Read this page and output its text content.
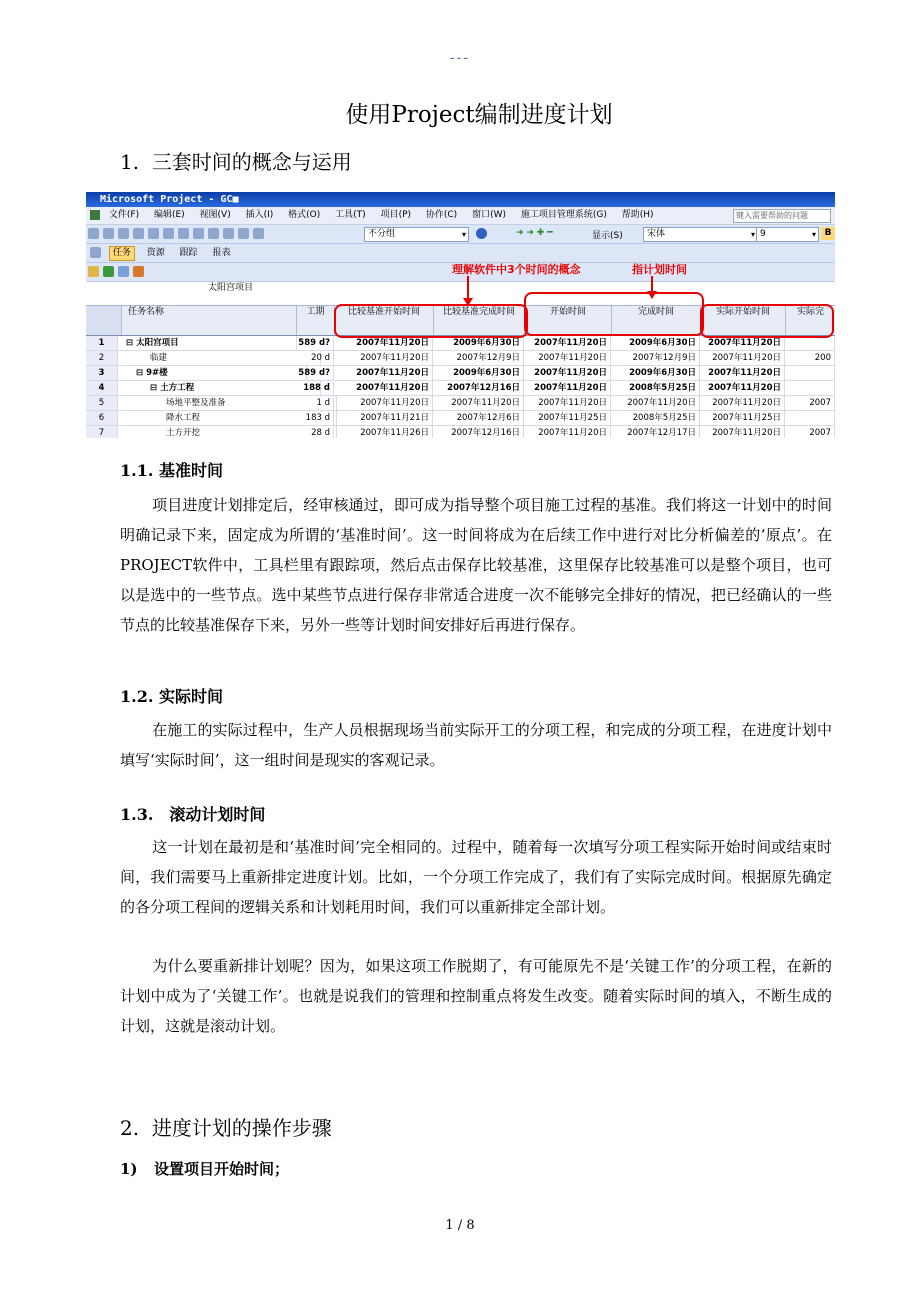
---
使用Project编制进度计划
1. 三套时间的概念与运用
Microsoft Project - GC■
文件(F) 编辑(E) 视图(V) 插入(I) 格式(O) 工具(T) 项目(P) 协作(C) 窗口(W) 施工项目管理系统(G) 帮助(H)	键入需要帮助的问题
不分组 ▾	➜ ➜ ✚ ━	显示(S)	宋体 ▾	9 ▾	B
任务 资源 跟踪 报表
太阳宫项目
理解软件中3个时间的概念	指计划时间
任务名称	工期	比较基准开始时间	比较基准完成时间	开始时间	完成时间	实际开始时间	实际完
1	⊟ 太阳宫项目	589 d?	2007年11月20日	2009年6月30日	2007年11月20日	2009年6月30日	2007年11月20日
2	临建	20 d	2007年11月20日	2007年12月9日	2007年11月20日	2007年12月9日	2007年11月20日	200
3	⊟ 9#楼	589 d?	2007年11月20日	2009年6月30日	2007年11月20日	2009年6月30日	2007年11月20日
4	⊟ 土方工程	188 d	2007年11月20日	2007年12月16日	2007年11月20日	2008年5月25日	2007年11月20日
5	场地平整及准备	1 d	2007年11月20日	2007年11月20日	2007年11月20日	2007年11月20日	2007年11月20日	2007
6	降水工程	183 d	2007年11月21日	2007年12月6日	2007年11月25日	2008年5月25日	2007年11月25日
7	土方开挖	28 d	2007年11月26日	2007年12月16日	2007年11月20日	2007年12月17日	2007年11月20日	2007
1.1. 基准时间
项目进度计划排定后，经审核通过，即可成为指导整个项目施工过程的基准。我们将这一计划中的时间明确记录下来，固定成为所谓的‘基准时间’。这一时间将成为在后续工作中进行对比分析偏差的‘原点’。在PROJECT软件中，工具栏里有跟踪项，然后点击保存比较基准，这里保存比较基准可以是整个项目，也可以是选中的一些节点。选中某些节点进行保存非常适合进度一次不能够完全排好的情况，把已经确认的一些节点的比较基准保存下来，另外一些等计划时间安排好后再进行保存。
1.2. 实际时间
在施工的实际过程中，生产人员根据现场当前实际开工的分项工程，和完成的分项工程，在进度计划中填写‘实际时间’，这一组时间是现实的客观记录。
1.3.　滚动计划时间
这一计划在最初是和‘基准时间’完全相同的。过程中，随着每一次填写分项工程实际开始时间或结束时间，我们需要马上重新排定进度计划。比如，一个分项工作完成了，我们有了实际完成时间。根据原先确定的各分项工程间的逻辑关系和计划耗用时间，我们可以重新排定全部计划。
为什么要重新排计划呢？因为，如果这项工作脱期了，有可能原先不是‘关键工作’的分项工程，在新的计划中成为了‘关键工作’。也就是说我们的管理和控制重点将发生改变。随着实际时间的填入，不断生成的计划，这就是滚动计划。
2. 进度计划的操作步骤
1) 设置项目开始时间；
1 / 8
